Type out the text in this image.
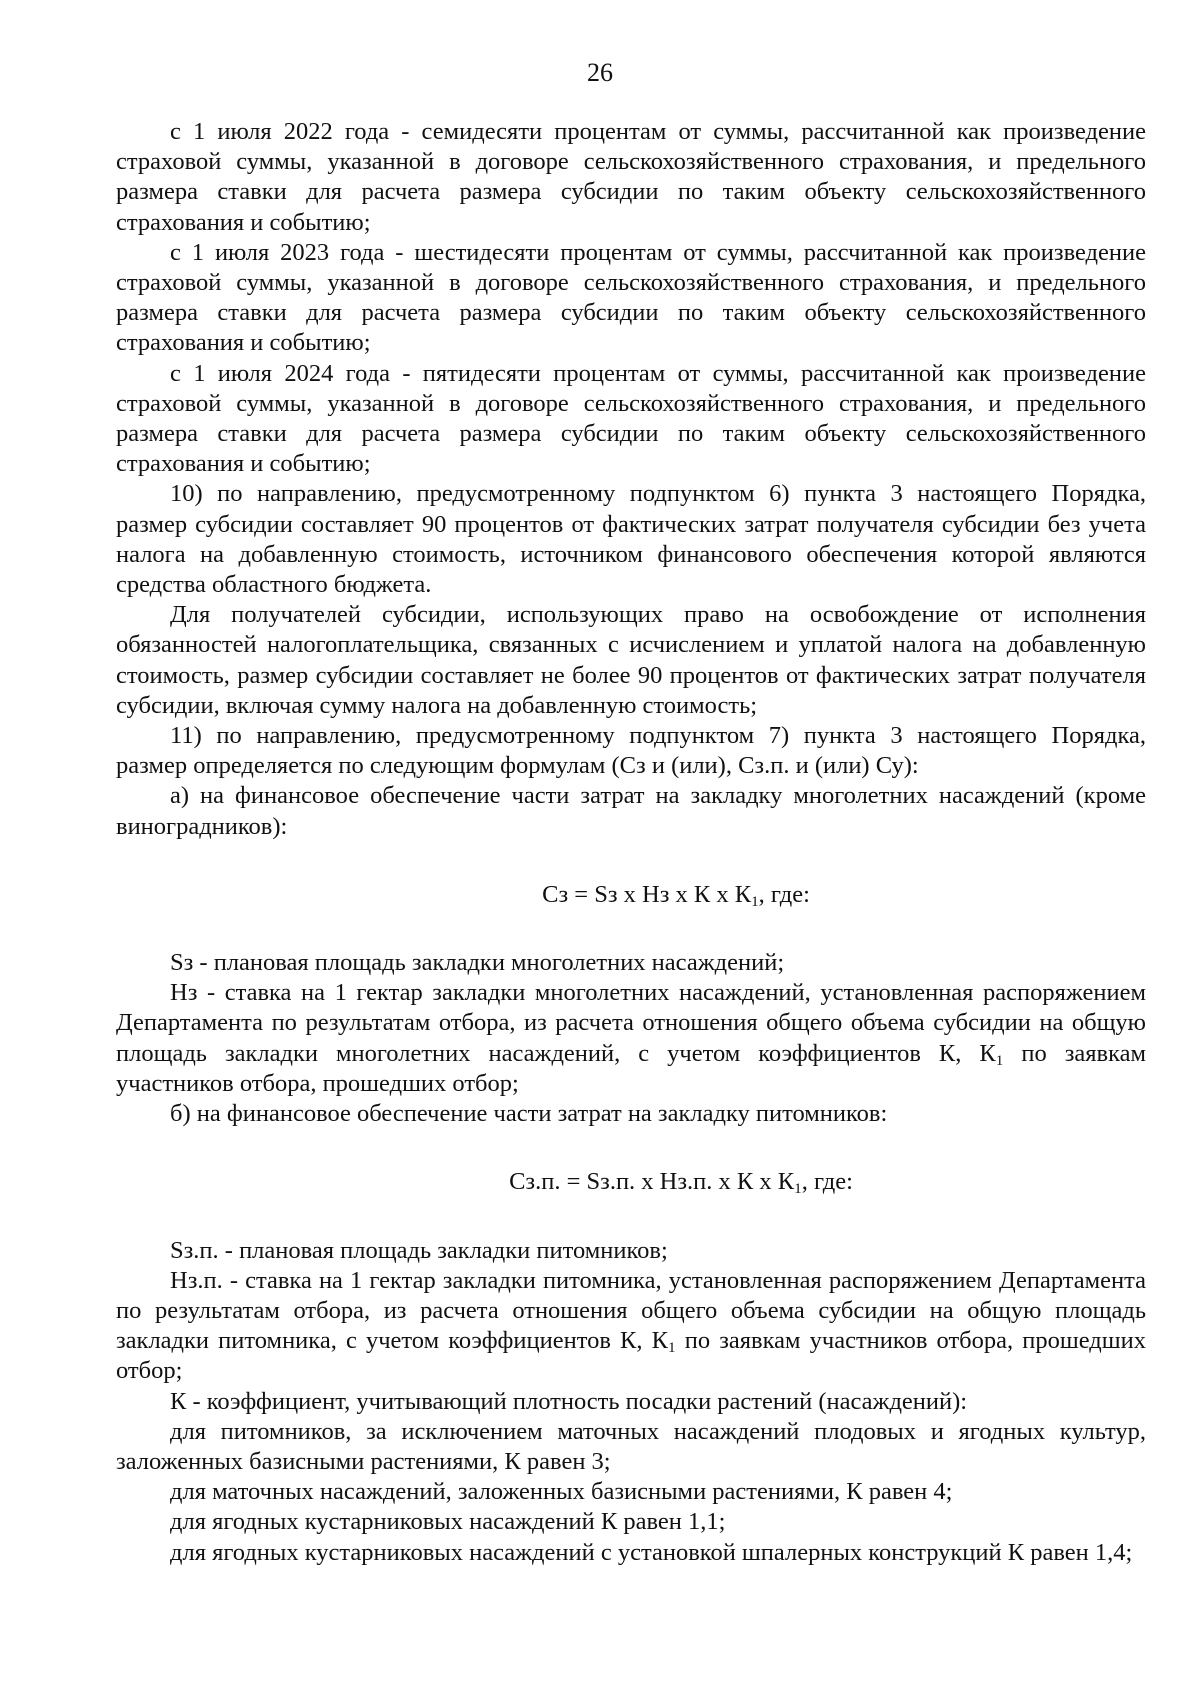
26

с 1 июля 2022 года - семидесяти процентам от суммы, рассчитанной как произведение страховой суммы, указанной в договоре сельскохозяйственного страхования, и предельного размера ставки для расчета размера субсидии по таким объекту сельскохозяйственного страхования и событию;

с 1 июля 2023 года - шестидесяти процентам от суммы, рассчитанной как произведение страховой суммы, указанной в договоре сельскохозяйственного страхования, и предельного размера ставки для расчета размера субсидии по таким объекту сельскохозяйственного страхования и событию;

с 1 июля 2024 года - пятидесяти процентам от суммы, рассчитанной как произведение страховой суммы, указанной в договоре сельскохозяйственного страхования, и предельного размера ставки для расчета размера субсидии по таким объекту сельскохозяйственного страхования и событию;

10) по направлению, предусмотренному подпунктом 6) пункта 3 настоящего Порядка, размер субсидии составляет 90 процентов от фактических затрат получателя субсидии без учета налога на добавленную стоимость, источником финансового обеспечения которой являются средства областного бюджета.

Для получателей субсидии, использующих право на освобождение от исполнения обязанностей налогоплательщика, связанных с исчислением и уплатой налога на добавленную стоимость, размер субсидии составляет не более 90 процентов от фактических затрат получателя субсидии, включая сумму налога на добавленную стоимость;

11) по направлению, предусмотренному подпунктом 7) пункта 3 настоящего Порядка, размер определяется по следующим формулам (Сз и (или), Сз.п. и (или) Су):

а) на финансовое обеспечение части затрат на закладку многолетних насаждений (кроме виноградников):

Сз = Sз х Нз х К х $К_1$, где:

Sз - плановая площадь закладки многолетних насаждений;

Нз - ставка на 1 гектар закладки многолетних насаждений, установленная распоряжением Департамента по результатам отбора, из расчета отношения общего объема субсидии на общую площадь закладки многолетних насаждений, с учетом коэффициентов К, $К_1$ по заявкам участников отбора, прошедших отбор;

б) на финансовое обеспечение части затрат на закладку питомников:

Сз.п. = Sз.п. х Нз.п. х К х $К_1$, где:

Sз.п. - плановая площадь закладки питомников;

Нз.п. - ставка на 1 гектар закладки питомника, установленная распоряжением Департамента по результатам отбора, из расчета отношения общего объема субсидии на общую площадь закладки питомника, с учетом коэффициентов К, $К_1$ по заявкам участников отбора, прошедших отбор;

К - коэффициент, учитывающий плотность посадки растений (насаждений):

для питомников, за исключением маточных насаждений плодовых и ягодных культур, заложенных базисными растениями, К равен 3;

для маточных насаждений, заложенных базисными растениями, К равен 4;

для ягодных кустарниковых насаждений К равен 1,1;

для ягодных кустарниковых насаждений с установкой шпалерных конструкций К равен 1,4;
